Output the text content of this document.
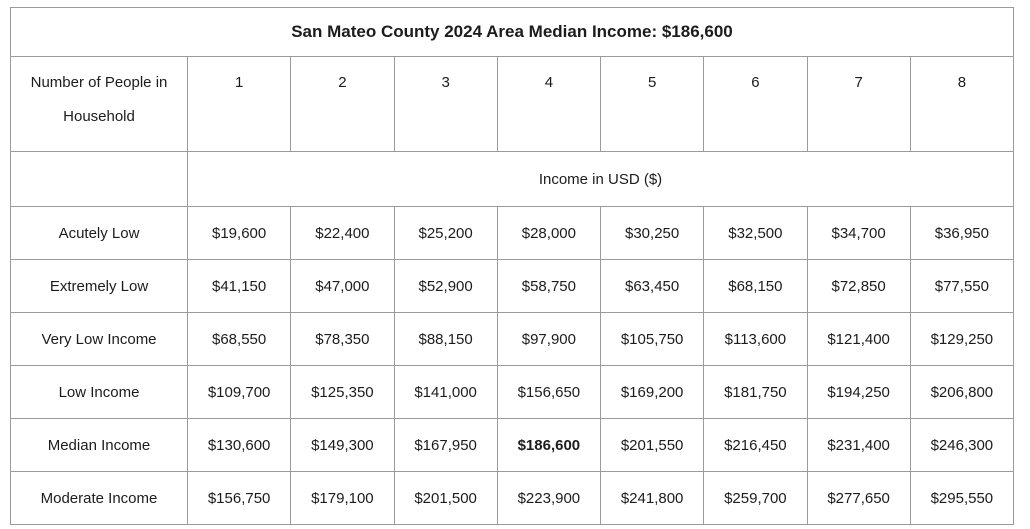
San Mateo County 2024 Area Median Income: $186,600								
Number of People in Household	1	2	3	4	5	6	7	8
	Income in USD ($)							
Acutely Low	$19,600	$22,400	$25,200	$28,000	$30,250	$32,500	$34,700	$36,950
Extremely Low	$41,150	$47,000	$52,900	$58,750	$63,450	$68,150	$72,850	$77,550
Very Low Income	$68,550	$78,350	$88,150	$97,900	$105,750	$113,600	$121,400	$129,250
Low Income	$109,700	$125,350	$141,000	$156,650	$169,200	$181,750	$194,250	$206,800
Median Income	$130,600	$149,300	$167,950	$186,600	$201,550	$216,450	$231,400	$246,300
Moderate Income	$156,750	$179,100	$201,500	$223,900	$241,800	$259,700	$277,650	$295,550
